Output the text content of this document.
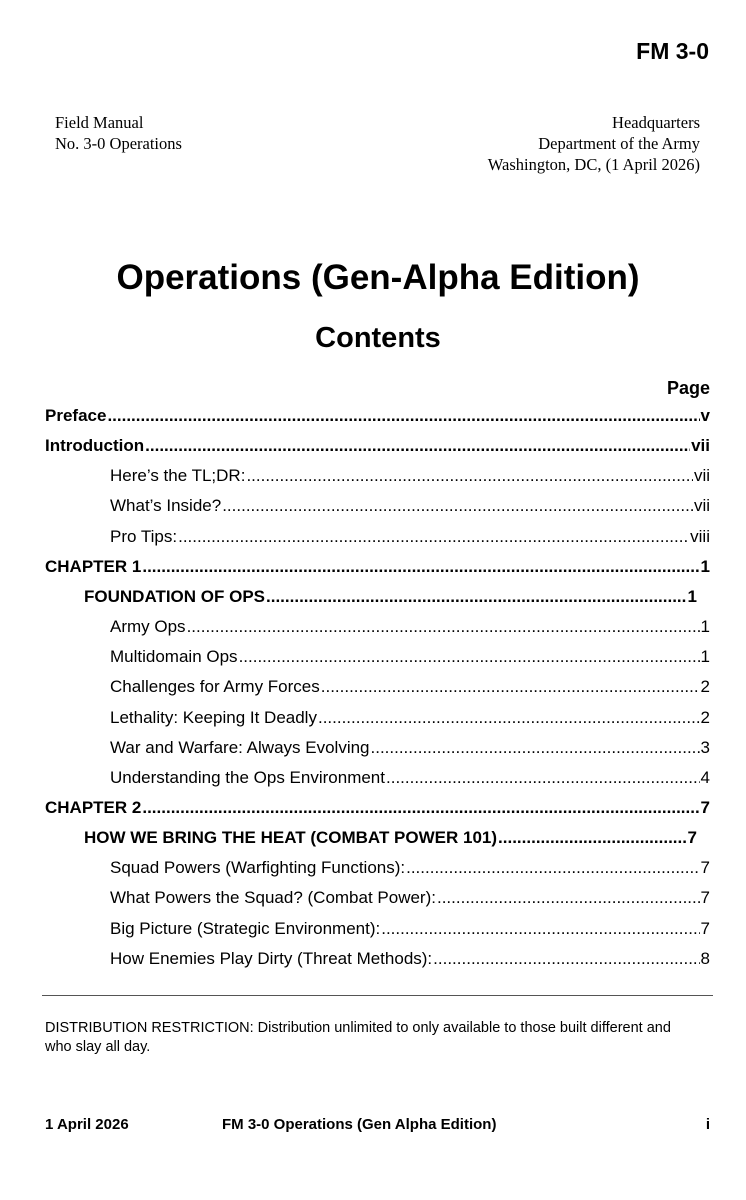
FM 3-0
Field Manual
No. 3-0 Operations
Headquarters
Department of the Army
Washington, DC, (1 April 2026)
Operations (Gen-Alpha Edition)
Contents
Page
Preface .....	v
Introduction .....	vii
Here’s the TL;DR: .....	vii
What’s Inside? .....	vii
Pro Tips: .....	viii
CHAPTER 1 .....	1
FOUNDATION OF OPS .....	1
Army Ops .....	1
Multidomain Ops .....	1
Challenges for Army Forces .....	2
Lethality: Keeping It Deadly .....	2
War and Warfare: Always Evolving .....	3
Understanding the Ops Environment .....	4
CHAPTER 2 .....	7
HOW WE BRING THE HEAT (COMBAT POWER 101) .....	7
Squad Powers (Warfighting Functions): .....	7
What Powers the Squad? (Combat Power): .....	7
Big Picture (Strategic Environment): .....	7
How Enemies Play Dirty (Threat Methods): .....	8
DISTRIBUTION RESTRICTION: Distribution unlimited to only available to those built different and who slay all day.
1 April 2026	FM 3-0 Operations (Gen Alpha Edition)	i
